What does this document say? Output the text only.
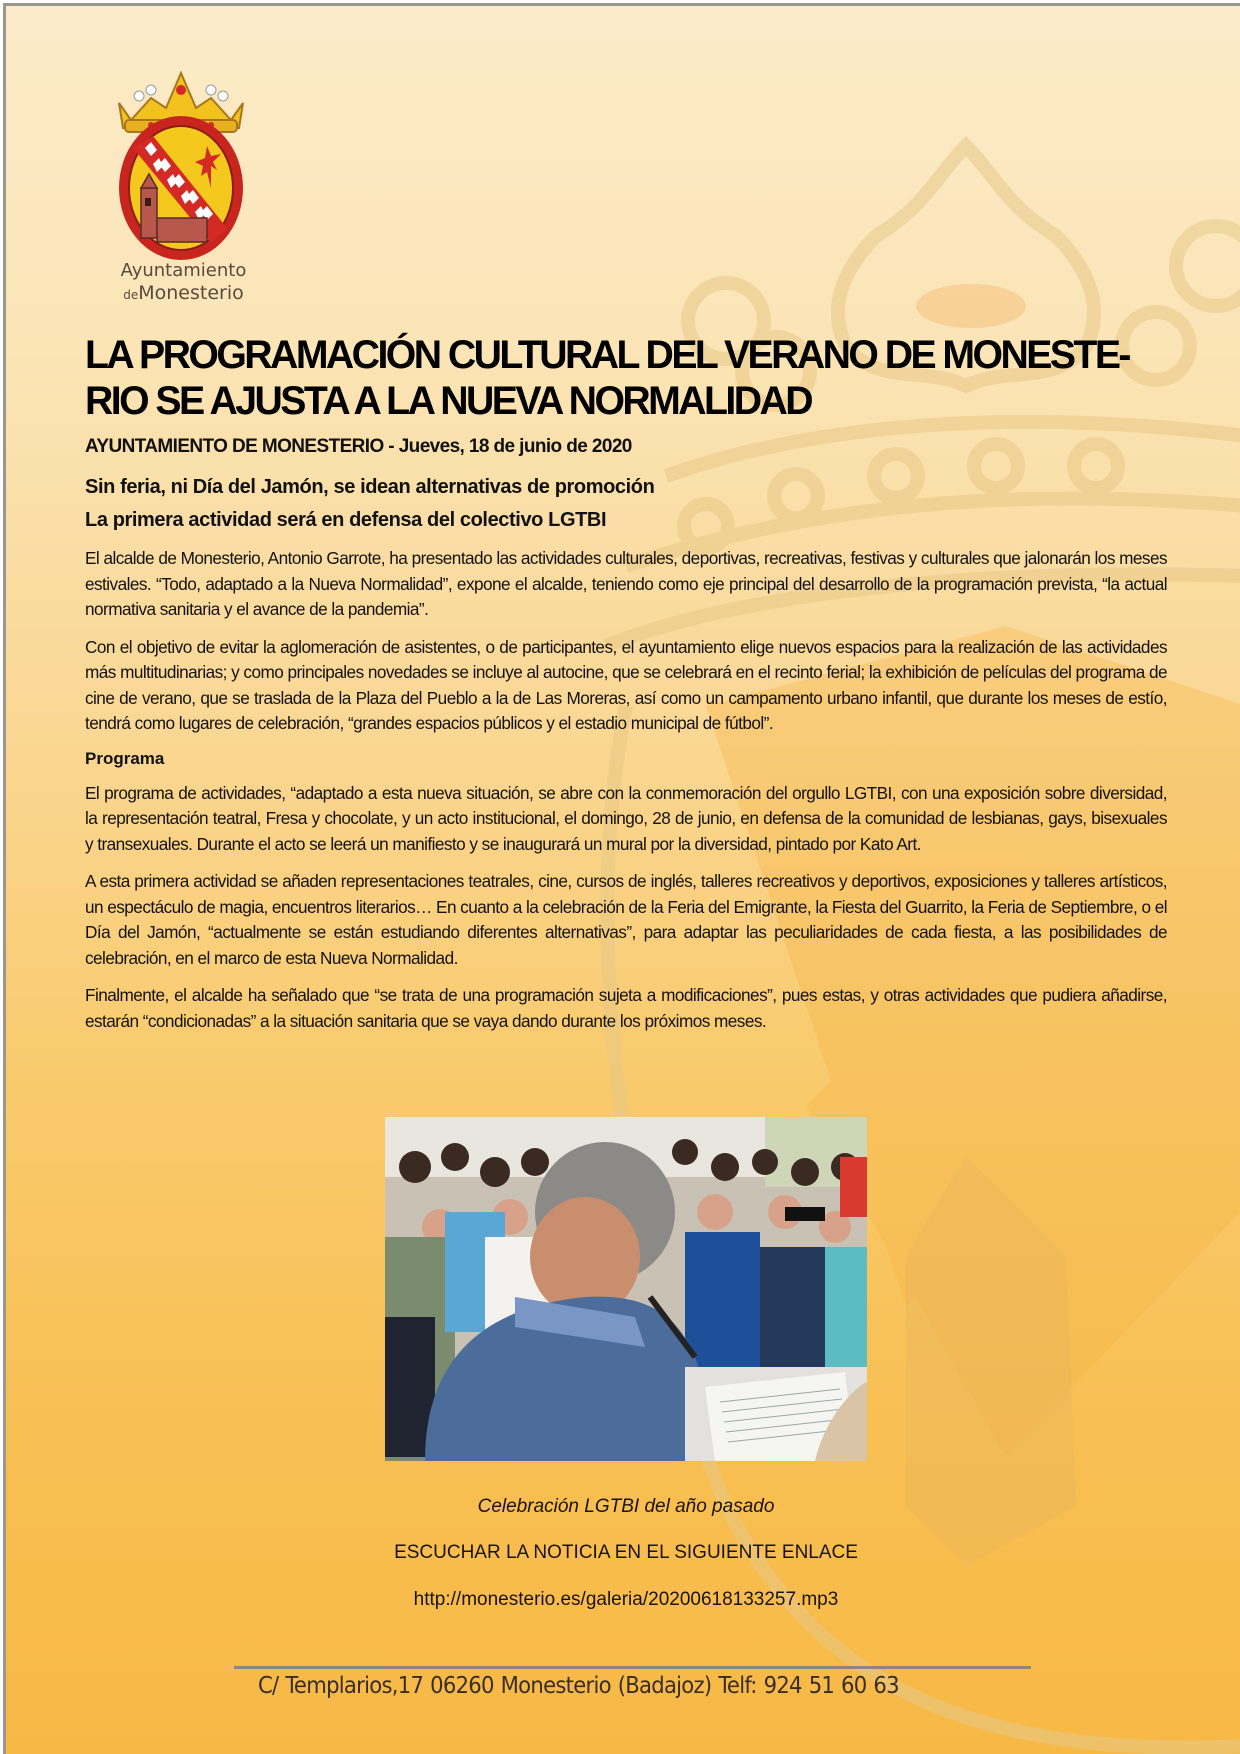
Ayuntamiento
deMonesterio
LA PROGRAMACIÓN CULTURAL DEL VERANO DE MONESTE-
RIO SE AJUSTA A LA NUEVA NORMALIDAD
AYUNTAMIENTO DE MONESTERIO - Jueves, 18 de junio de 2020
Sin feria, ni Día del Jamón, se idean alternativas de promoción
La primera actividad será en defensa del colectivo LGTBI

El alcalde de Monesterio, Antonio Garrote, ha presentado las actividades culturales, deportivas, recreativas, festivas y culturales que jalonarán los meses estivales. “Todo, adaptado a la Nueva Normalidad”, expone el alcalde, teniendo como eje principal del desarrollo de la programación prevista, “la actual normativa sanitaria y el avance de la pandemia”.

Con el objetivo de evitar la aglomeración de asistentes, o de participantes, el ayuntamiento elige nuevos espacios para la realización de las actividades más multitudinarias; y como principales novedades se incluye al autocine, que se celebrará en el recinto ferial; la exhibición de películas del programa de cine de verano, que se traslada de la Plaza del Pueblo a la de Las Moreras, así como un campamento urbano infantil, que durante los meses de estío, tendrá como lugares de celebración, “grandes espacios públicos y el estadio municipal de fútbol”.

Programa

El programa de actividades, “adaptado a esta nueva situación, se abre con la conmemoración del orgullo LGTBI, con una exposición sobre diversidad, la representación teatral, Fresa y chocolate, y un acto institucional, el domingo, 28 de junio, en defensa de la comunidad de lesbianas, gays, bisexuales y transexuales. Durante el acto se leerá un manifiesto y se inaugurará un mural por la diversidad, pintado por Kato Art.

A esta primera actividad se añaden representaciones teatrales, cine, cursos de inglés, talleres recreativos y deportivos, exposiciones y talleres artísticos, un espectáculo de magia, encuentros literarios… En cuanto a la celebración de la Feria del Emigrante, la Fiesta del Guarrito, la Feria de Septiembre, o el Día del Jamón, “actualmente se están estudiando diferentes alternativas”, para adaptar las peculiaridades de cada fiesta, a las posibilidades de celebración, en el marco de esta Nueva Normalidad.

Finalmente, el alcalde ha señalado que “se trata de una programación sujeta a modificaciones”, pues estas, y otras actividades que pudiera añadirse, estarán “condicionadas” a la situación sanitaria que se vaya dando durante los próximos meses.

Celebración LGTBI del año pasado
ESCUCHAR LA NOTICIA EN EL SIGUIENTE ENLACE
http://monesterio.es/galeria/20200618133257.mp3
C/ Templarios,17 06260 Monesterio (Badajoz) Telf: 924 51 60 63
